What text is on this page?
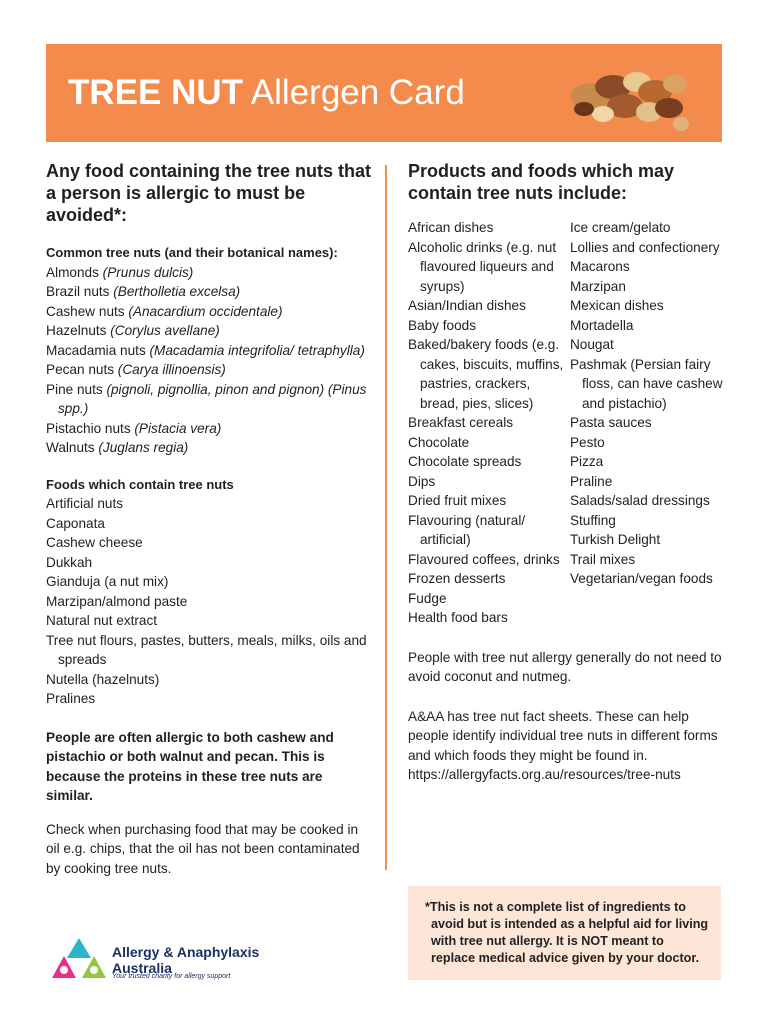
TREE NUT Allergen Card
Any food containing the tree nuts that a person is allergic to must be avoided*:
Common tree nuts (and their botanical names):
Almonds (Prunus dulcis)
Brazil nuts (Bertholletia excelsa)
Cashew nuts (Anacardium occidentale)
Hazelnuts (Corylus avellane)
Macadamia nuts (Macadamia integrifolia/ tetraphylla)
Pecan nuts (Carya illinoensis)
Pine nuts (pignoli, pignollia, pinon and pignon) (Pinus spp.)
Pistachio nuts (Pistacia vera)
Walnuts (Juglans regia)
Foods which contain tree nuts
Artificial nuts
Caponata
Cashew cheese
Dukkah
Gianduja (a nut mix)
Marzipan/almond paste
Natural nut extract
Tree nut flours, pastes, butters, meals, milks, oils and spreads
Nutella (hazelnuts)
Pralines

People are often allergic to both cashew and pistachio or both walnut and pecan. This is because the proteins in these tree nuts are similar.

Check when purchasing food that may be cooked in oil e.g. chips, that the oil has not been contaminated by cooking tree nuts.

Products and foods which may contain tree nuts include:
African dishes
Alcoholic drinks (e.g. nut flavoured liqueurs and syrups)
Asian/Indian dishes
Baby foods
Baked/bakery foods (e.g. cakes, biscuits, muffins, pastries, crackers, bread, pies, slices)
Breakfast cereals
Chocolate
Chocolate spreads
Dips
Dried fruit mixes
Flavouring (natural/ artificial)
Flavoured coffees, drinks
Frozen desserts
Fudge
Health food bars
Ice cream/gelato
Lollies and confectionery
Macarons
Marzipan
Mexican dishes
Mortadella
Nougat
Pashmak (Persian fairy floss, can have cashew and pistachio)
Pasta sauces
Pesto
Pizza
Praline
Salads/salad dressings
Stuffing
Turkish Delight
Trail mixes
Vegetarian/vegan foods

People with tree nut allergy generally do not need to avoid coconut and nutmeg.

A&AA has tree nut fact sheets. These can help people identify individual tree nuts in different forms and which foods they might be found in.
https://allergyfacts.org.au/resources/tree-nuts

*This is not a complete list of ingredients to avoid but is intended as a helpful aid for living with tree nut allergy. It is NOT meant to replace medical advice given by your doctor.

Allergy & Anaphylaxis
Australia
Your trusted charity for allergy support
